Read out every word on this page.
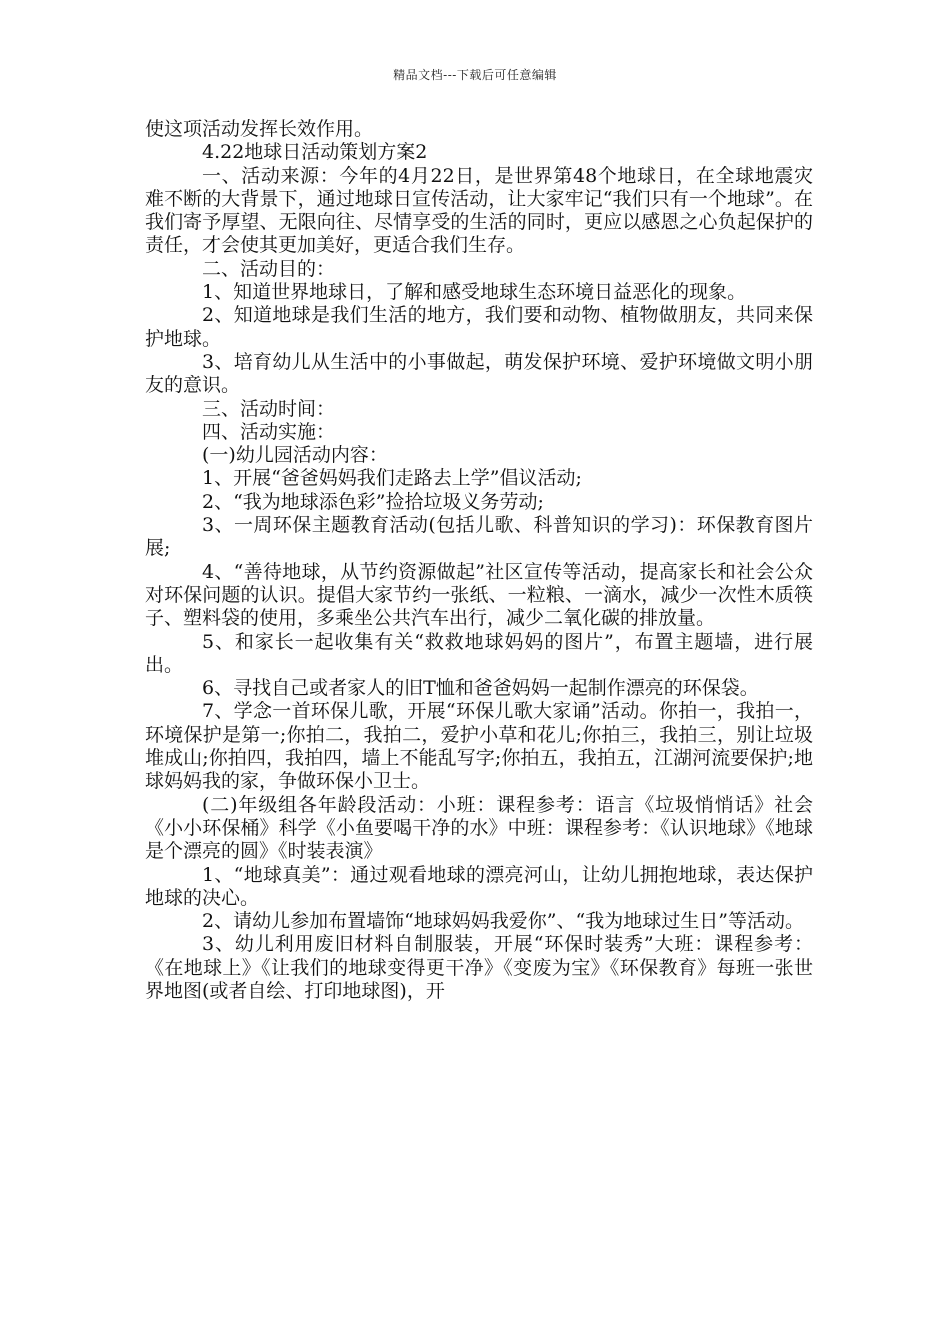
精品文档---下载后可任意编辑

使这项活动发挥长效作用。

4.22地球日活动策划方案2

一、活动来源：今年的4月22日，是世界第48个地球日，在全球地震灾难不断的大背景下，通过地球日宣传活动，让大家牢记“我们只有一个地球”。在我们寄予厚望、无限向往、尽情享受的生活的同时，更应以感恩之心负起保护的责任，才会使其更加美好，更适合我们生存。

二、活动目的：

1、知道世界地球日，了解和感受地球生态环境日益恶化的现象。

2、知道地球是我们生活的地方，我们要和动物、植物做朋友，共同来保护地球。

3、培育幼儿从生活中的小事做起，萌发保护环境、爱护环境做文明小朋友的意识。

三、活动时间：

四、活动实施：

(一)幼儿园活动内容：

1、开展“爸爸妈妈我们走路去上学”倡议活动;

2、“我为地球添色彩”捡拾垃圾义务劳动;

3、一周环保主题教育活动(包括儿歌、科普知识的学习)：环保教育图片展;

4、“善待地球，从节约资源做起”社区宣传等活动，提高家长和社会公众对环保问题的认识。提倡大家节约一张纸、一粒粮、一滴水，减少一次性木质筷子、塑料袋的使用，多乘坐公共汽车出行，减少二氧化碳的排放量。

5、和家长一起收集有关“救救地球妈妈的图片”，布置主题墙，进行展出。

6、寻找自己或者家人的旧T恤和爸爸妈妈一起制作漂亮的环保袋。

7、学念一首环保儿歌，开展“环保儿歌大家诵”活动。你拍一，我拍一，环境保护是第一;你拍二，我拍二，爱护小草和花儿;你拍三，我拍三，别让垃圾堆成山;你拍四，我拍四，墙上不能乱写字;你拍五，我拍五，江湖河流要保护;地球妈妈我的家，争做环保小卫士。

(二)年级组各年龄段活动：小班：课程参考：语言《垃圾悄悄话》社会《小小环保桶》科学《小鱼要喝干净的水》中班：课程参考：《认识地球》《地球是个漂亮的圆》《时装表演》

1、“地球真美”：通过观看地球的漂亮河山，让幼儿拥抱地球，表达保护地球的决心。

2、请幼儿参加布置墙饰“地球妈妈我爱你”、“我为地球过生日”等活动。

3、幼儿利用废旧材料自制服装，开展“环保时装秀”大班：课程参考：《在地球上》《让我们的地球变得更干净》《变废为宝》《环保教育》每班一张世界地图(或者自绘、打印地球图)，开
